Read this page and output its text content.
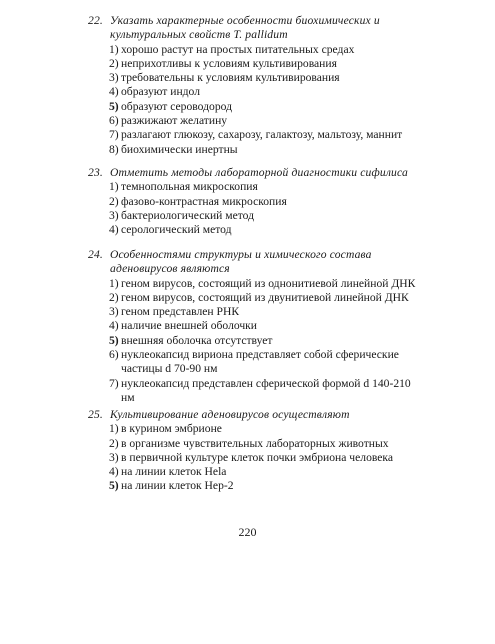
22. Указать характерные особенности биохимических и культуральных свойств T. pallidum
1) хорошо растут на простых питательных средах
2) неприхотливы к условиям культивирования
3) требовательны к условиям культивирования
4) образуют индол
5) образуют сероводород
6) разжижают желатину
7) разлагают глюкозу, сахарозу, галактозу, мальтозу, маннит
8) биохимически инертны
23. Отметить методы лабораторной диагностики сифилиса
1) темнопольная микроскопия
2) фазово-контрастная микроскопия
3) бактериологический метод
4) серологический метод
24. Особенностями структуры и химического состава аденовирусов являются
1) геном вирусов, состоящий из однонитиевой линейной ДНК
2) геном вирусов, состоящий из двунитиевой линейной ДНК
3) геном представлен РНК
4) наличие внешней оболочки
5) внешняя оболочка отсутствует
6) нуклеокапсид вириона представляет собой сферические частицы d 70-90 нм
7) нуклеокапсид представлен сферической формой d 140-210 нм
25. Культивирование аденовирусов осуществляют
1) в курином эмбрионе
2) в организме чувствительных лабораторных животных
3) в первичной культуре клеток почки эмбриона человека
4) на линии клеток Hela
5) на линии клеток Hep-2
220
